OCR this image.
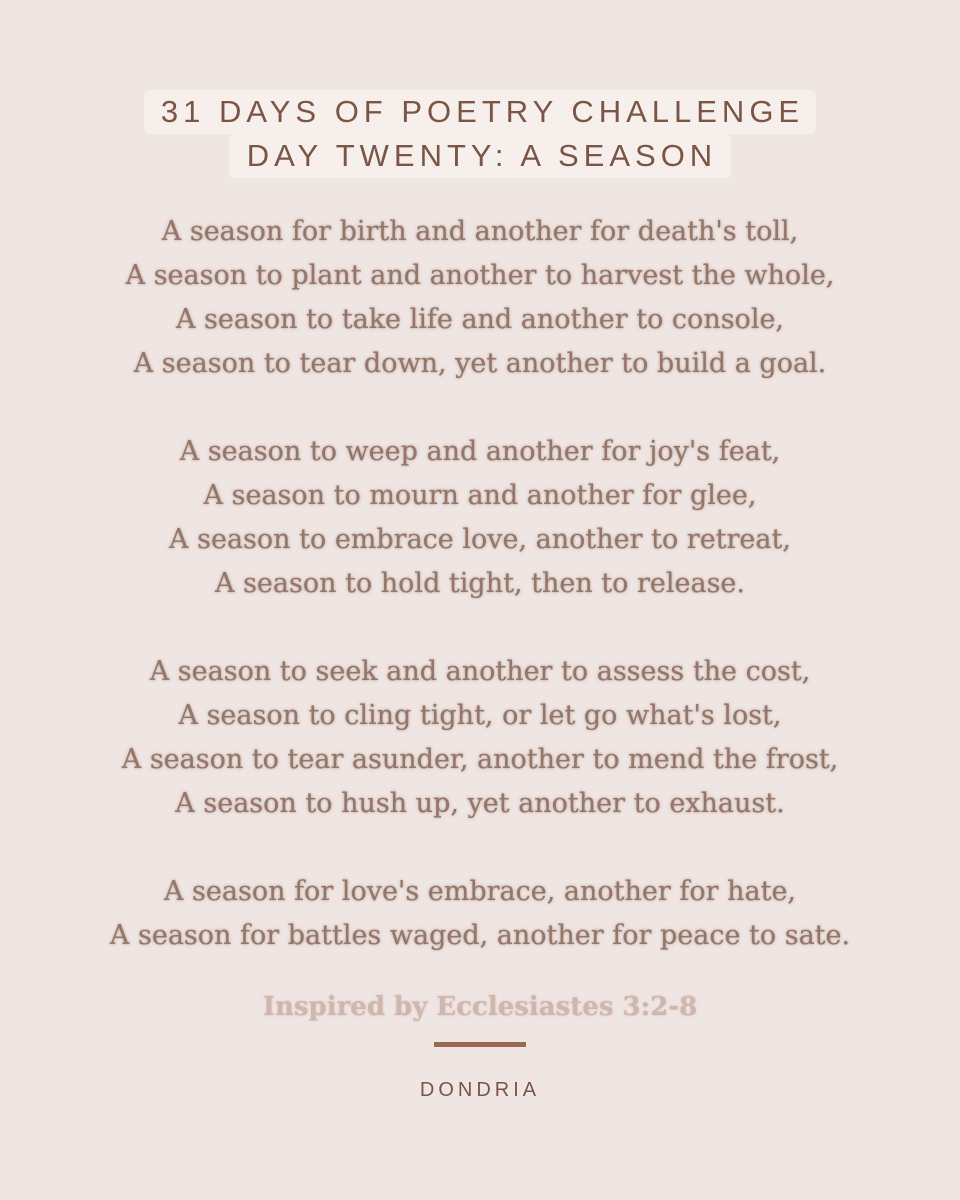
31 DAYS OF POETRY CHALLENGE
DAY TWENTY: A SEASON
A season for birth and another for death's toll,
A season to plant and another to harvest the whole,
A season to take life and another to console,
A season to tear down, yet another to build a goal.
A season to weep and another for joy's feat,
A season to mourn and another for glee,
A season to embrace love, another to retreat,
A season to hold tight, then to release.
A season to seek and another to assess the cost,
A season to cling tight, or let go what's lost,
A season to tear asunder, another to mend the frost,
A season to hush up, yet another to exhaust.
A season for love's embrace, another for hate,
A season for battles waged, another for peace to sate.
Inspired by Ecclesiastes 3:2-8
DONDRIA
